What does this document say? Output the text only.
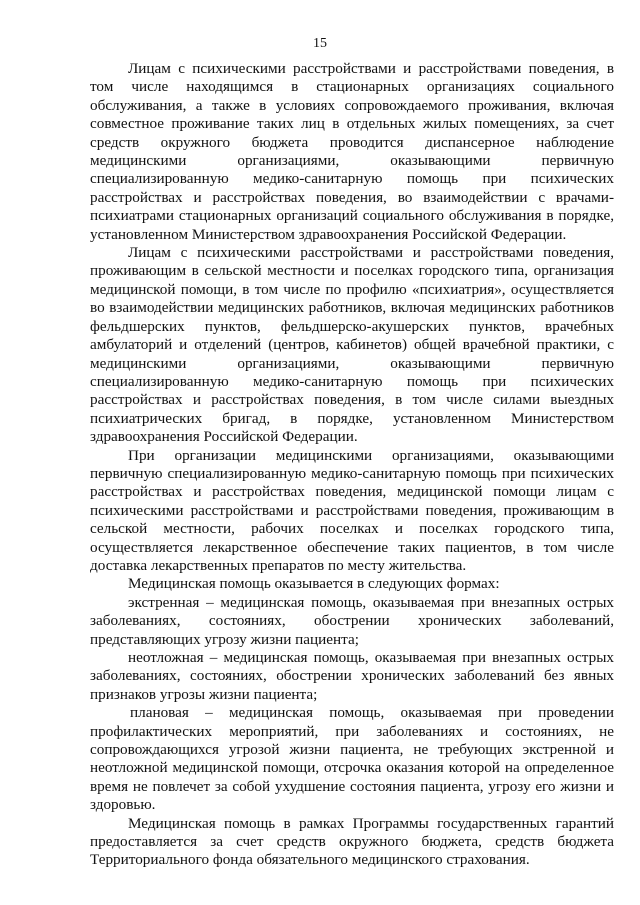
15

Лицам с психическими расстройствами и расстройствами поведения, в том числе находящимся в стационарных организациях социального обслуживания, а также в условиях сопровождаемого проживания, включая совместное проживание таких лиц в отдельных жилых помещениях, за счет средств окружного бюджета проводится диспансерное наблюдение медицинскими организациями, оказывающими первичную специализированную медико-санитарную помощь при психических расстройствах и расстройствах поведения, во взаимодействии с врачами-психиатрами стационарных организаций социального обслуживания в порядке, установленном Министерством здравоохранения Российской Федерации.

Лицам с психическими расстройствами и расстройствами поведения, проживающим в сельской местности и поселках городского типа, организация медицинской помощи, в том числе по профилю «психиатрия», осуществляется во взаимодействии медицинских работников, включая медицинских работников фельдшерских пунктов, фельдшерско-акушерских пунктов, врачебных амбулаторий и отделений (центров, кабинетов) общей врачебной практики, с медицинскими организациями, оказывающими первичную специализированную медико-санитарную помощь при психических расстройствах и расстройствах поведения, в том числе силами выездных психиатрических бригад, в порядке, установленном Министерством здравоохранения Российской Федерации.

При организации медицинскими организациями, оказывающими первичную специализированную медико-санитарную помощь при психических расстройствах и расстройствах поведения, медицинской помощи лицам с психическими расстройствами и расстройствами поведения, проживающим в сельской местности, рабочих поселках и поселках городского типа, осуществляется лекарственное обеспечение таких пациентов, в том числе доставка лекарственных препаратов по месту жительства.

Медицинская помощь оказывается в следующих формах:

экстренная – медицинская помощь, оказываемая при внезапных острых заболеваниях, состояниях, обострении хронических заболеваний, представляющих угрозу жизни пациента;

неотложная – медицинская помощь, оказываемая при внезапных острых заболеваниях, состояниях, обострении хронических заболеваний без явных признаков угрозы жизни пациента;

плановая – медицинская помощь, оказываемая при проведении профилактических мероприятий, при заболеваниях и состояниях, не сопровождающихся угрозой жизни пациента, не требующих экстренной и неотложной медицинской помощи, отсрочка оказания которой на определенное время не повлечет за собой ухудшение состояния пациента, угрозу его жизни и здоровью.

Медицинская помощь в рамках Программы государственных гарантий предоставляется за счет средств окружного бюджета, средств бюджета Территориального фонда обязательного медицинского страхования.
